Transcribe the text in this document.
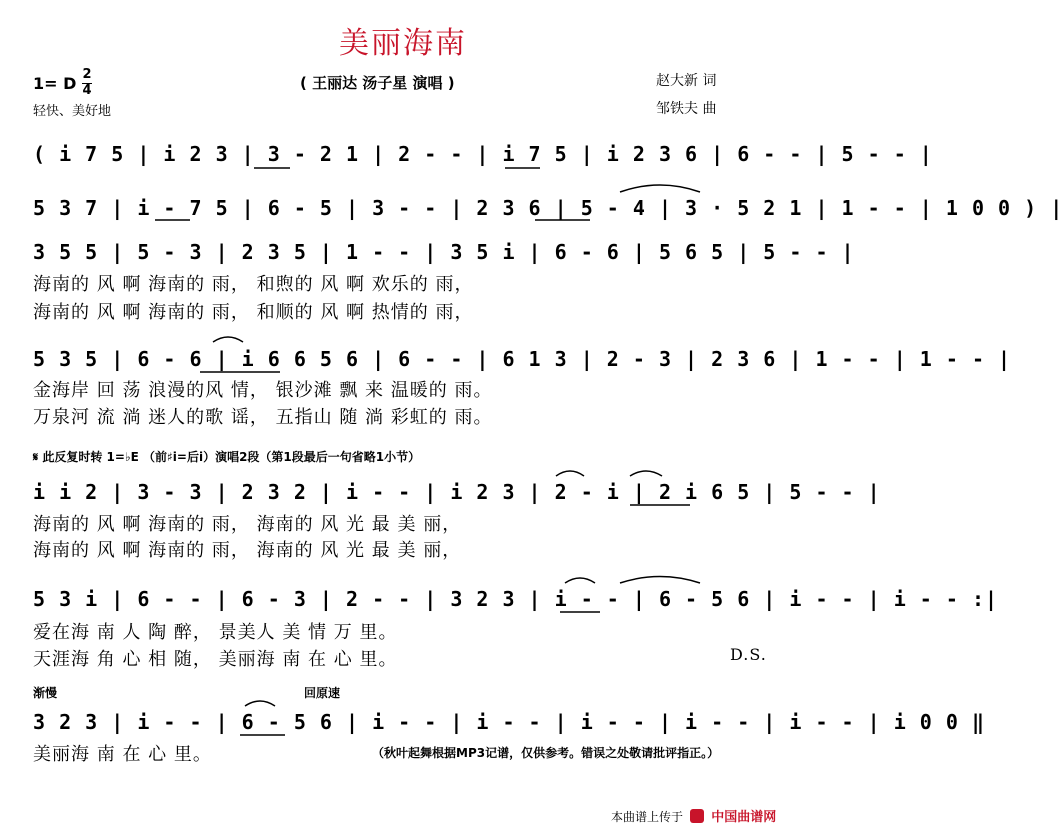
美丽海南
( 王丽达 汤子星 演唱 )
1= D 2
4
轻快、美好地
赵大新 词
邹铁夫 曲
( i 7 5 | i 2 3 | 3 - 2 1 | 2 - - | i 7 5 | i 2 3 6 | 6 - - | 5 - - |
5 3 7 | i - 7 5 | 6 - 5 | 3 - - | 2 3 6 | 5 - 4 | 3 · 5 2 1 | 1 - - | 1 0 0 ) |
3 5 5 | 5 - 3 | 2 3 5 | 1 - - | 3 5 i | 6 - 6 | 5 6 5 | 5 - - |
海南的 风 啊 海南的 雨， 和煦的 风 啊 欢乐的 雨，
海南的 风 啊 海南的 雨， 和顺的 风 啊 热情的 雨，
5 3 5 | 6 - 6 | i 6 6 5 6 | 6 - - | 6 1 3 | 2 - 3 | 2 3 6 | 1 - - | 1 - - |
金海岸 回 荡 浪漫的风 情， 银沙滩 飘 来 温暖的 雨。
万泉河 流 淌 迷人的歌 谣， 五指山 随 淌 彩虹的 雨。
𝄋 此反复时转 1=♭E （前♯i=后i）演唱2段（第1段最后一句省略1小节）
i i 2 | 3 - 3 | 2 3 2 | i - - | i 2 3 | 2 - i | 2 i 6 5 | 5 - - |
海南的 风 啊 海南的 雨， 海南的 风 光 最 美 丽，
海南的 风 啊 海南的 雨， 海南的 风 光 最 美 丽，
5 3 i | 6 - - | 6 - 3 | 2 - - | 3 2 3 | i - - | 6 - 5 6 | i - - | i - - :|
爱在海 南 人 陶 醉， 景美人 美 情 万 里。
天涯海 角 心 相 随， 美丽海 南 在 心 里。	D.S.
渐慢	回原速
3 2 3 | i - - | 6 - 5 6 | i - - | i - - | i - - | i - - | i - - | i 0 0 ‖
美丽海 南 在 心 里。	（秋叶起舞根据MP3记谱，仅供参考。错误之处敬请批评指正。）
本曲谱上传于 中国曲谱网
